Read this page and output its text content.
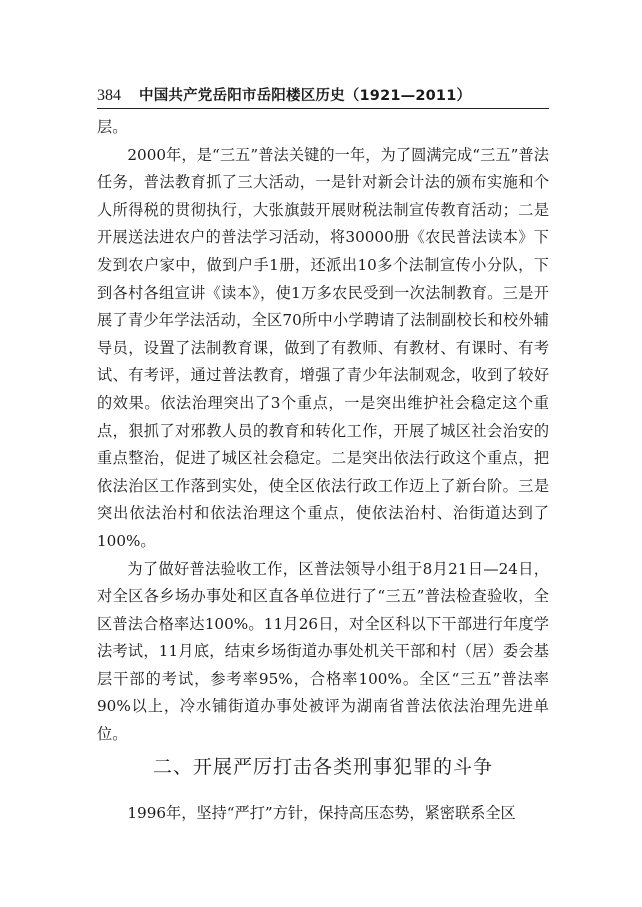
384 中国共产党岳阳市岳阳楼区历史（1921—2011）

层。

2000年，是“三五”普法关键的一年，为了圆满完成“三五”普法任务，普法教育抓了三大活动，一是针对新会计法的颁布实施和个人所得税的贯彻执行，大张旗鼓开展财税法制宣传教育活动；二是开展送法进农户的普法学习活动，将30000册《农民普法读本》下发到农户家中，做到户手1册，还派出10多个法制宣传小分队，下到各村各组宣讲《读本》，使1万多农民受到一次法制教育。三是开展了青少年学法活动，全区70所中小学聘请了法制副校长和校外辅导员，设置了法制教育课，做到了有教师、有教材、有课时、有考试、有考评，通过普法教育，增强了青少年法制观念，收到了较好的效果。依法治理突出了3个重点，一是突出维护社会稳定这个重点，狠抓了对邪教人员的教育和转化工作，开展了城区社会治安的重点整治，促进了城区社会稳定。二是突出依法行政这个重点，把依法治区工作落到实处，使全区依法行政工作迈上了新台阶。三是突出依法治村和依法治理这个重点，使依法治村、治街道达到了100%。

为了做好普法验收工作，区普法领导小组于8月21日—24日，对全区各乡场办事处和区直各单位进行了“三五”普法检查验收，全区普法合格率达100%。11月26日，对全区科以下干部进行年度学法考试，11月底，结束乡场街道办事处机关干部和村（居）委会基层干部的考试，参考率95%，合格率100%。全区“三五”普法率90%以上，冷水铺街道办事处被评为湖南省普法依法治理先进单位。

二、开展严厉打击各类刑事犯罪的斗争
1996年，坚持“严打”方针，保持高压态势，紧密联系全区
